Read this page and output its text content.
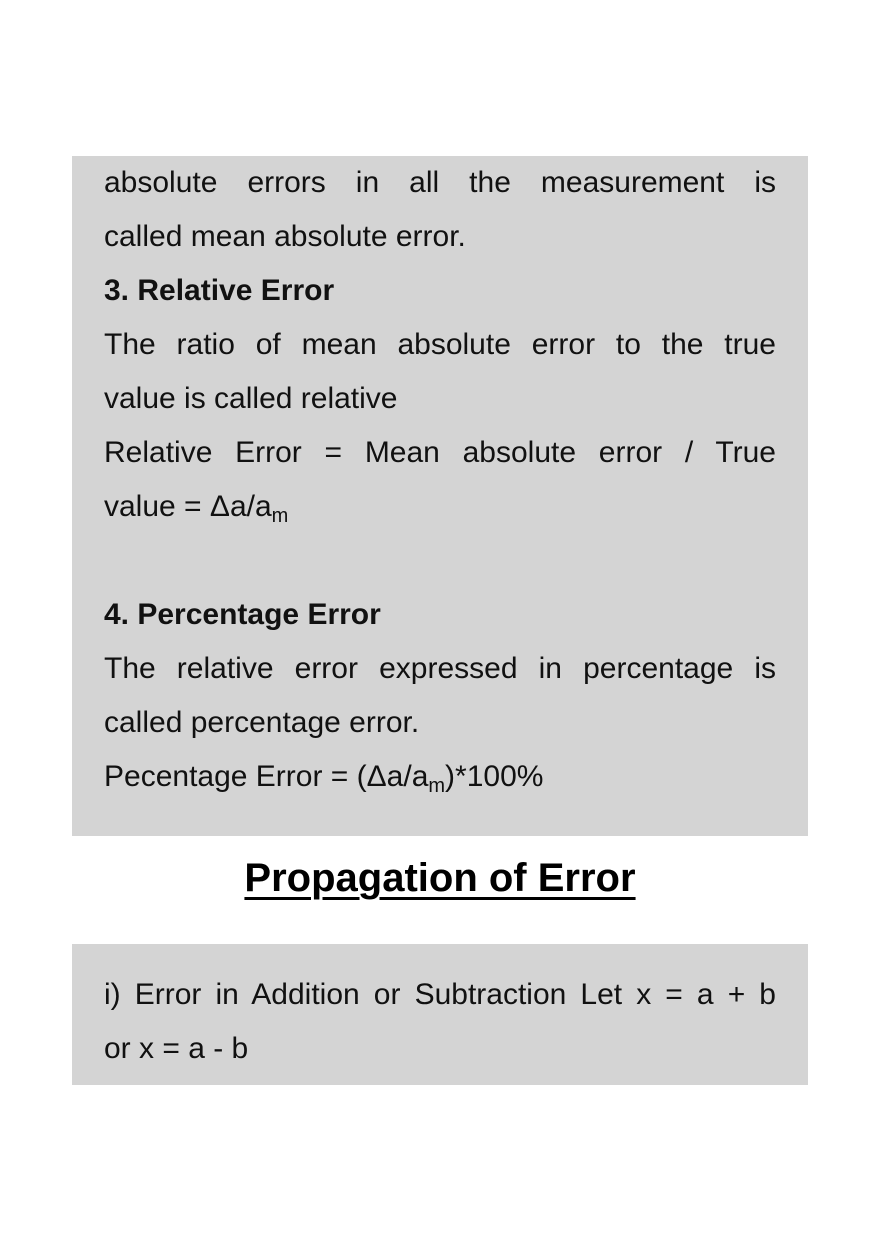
absolute errors in all the measurement is
called mean absolute error.
3. Relative Error
The ratio of mean absolute error to the true
value is called relative
Relative Error = Mean absolute error / True
value = $\Delta a/a_m$
4. Percentage Error
The relative error expressed in percentage is
called percentage error.
Pecentage Error = $(\Delta a/a_m)*100\%$
Propagation of Error
i) Error in Addition or Subtraction Let x = a + b
or x = a - b
